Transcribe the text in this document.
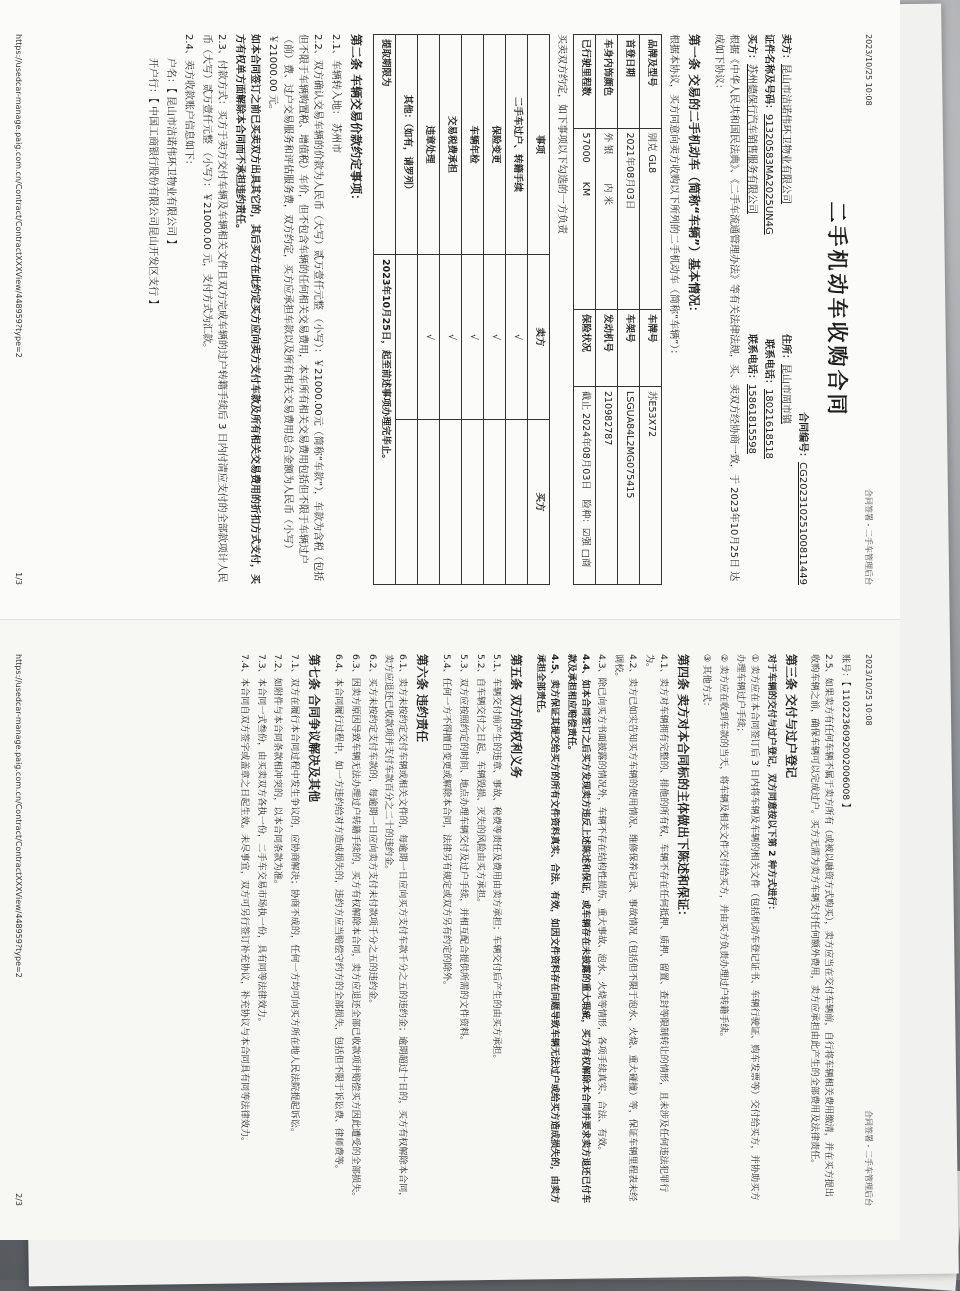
2023/10/25 10:08
合同签署 - 二手车管理后台
二手机动车收购合同
合同编号：
CG20231025100811449
卖方：
昆山市洁诺伟环卫物业有限公司
住所：
昆山市周市镇
证件名称及号码：
913205​83MA2025UN4G
联系电话：
18021618518
买方：
苏州德保行汽车销售服务有限公司
联系电话：
15861815598
根据《中华人民共和国民法典》、《二手车流通管理办法》等有关法律法规，买、卖双方经协商一致，于 2023年10月25日 达成如下协议：
第一条 交易的二手机动车（简称“车辆”）基本情况：
根据本协议，买方同意向卖方收购以下所列的二手机动车（简称“车辆”）：
品牌及型号	别克 GL8	车牌号	苏E53X72
首登日期	2021年08月03日	车架号	LSGUA84L2MG075415
车身内饰颜色	外 银　　　内 米	发动机号	210982787
已行驶里程数	57000　　KM	保险状况	截止 2024年08月03日　险种：☑强 □商
买卖双方约定，如下事项以下勾选的一方负责
事项	卖方	买方
二手车过户、转籍手续	√	
保险变更	√	
车辆年检	√	
交易税费承担	√	
违章处理	√	
其他：（如有，请罗列）		
提取期限为	2023年10月25日，起至前述事项办理完毕止。	
第二条 车辆交易价款约定事项：
2.1、车辆转入地： 苏州市
2.2、双方确认交易车辆的价款为人民币（大写）贰万壹仟元整 （小写）：￥21000.00元（简称“车款”），车款为含税（包括但不限于车辆购置税、增值税）车价，但不包含车辆的任何相关交易费用，本车所有相关交易费用包括但不限于车辆过户（前）费、过户交易服务和评估服务费，双方约定，买方应承担车款以及所有相关交易费用总合金额为人民币（小写）￥21000.00 元。
如本合同签订之前已买卖双方出具其它的，其后买方在此约定买方应向卖方支付车款及所有相关交易费用的折扣方式支付，买方有权单方面解除本合同而不承担违约责任。
2.3、付款方式：买方于卖方交付车辆及车辆相关文件且双方完成车辆的过户转籍手续后 3 日内付清应支付的全部款项计人民币（大写）贰万壹仟元整 （小写）：￥21000.00 元，支付方式为汇款。
2.4、卖方收款账户信息如下：
户名：【 昆山市洁诺伟环卫物业有限公司 】
开户行：【 中国工商银行股份有限公司昆山开发区支行 】
https://usedcar-manage.paig.com.cn/Contract/ContractXXXView/44895​9?type=2
1/3
2023/10/25 10:08
合同签署 - 二手车管理后台
账号：【 1102236092002006008 】
2.5、如果卖方有任何车辆不属于卖方所有（或被以融资方式购买），卖方应当在交付车辆前，自行将车辆相关费用缴清，并在买方提出收购车辆之前，确保车辆可以完成过户。买方无需为卖方车辆支付任何额外费用，卖方应承担由此产生的全部费用及法律责任。
第三条 交付与过户登记
对于车辆的交付与过户登记，双方同意按以下第 2 种方式进行：
① 卖方应在本合同签订后 3 日内将车辆及车辆的相关文件（包括机动车登记证书、车辆行驶证、购车发票等）交付给买方，并协助买方办理车辆过户手续；
② 卖方应在收到车款的当天，将车辆及相关文件交付给买方，并由买方负责办理过户转籍手续。
③ 其他方式：
第四条 卖方对本合同标的主体做出下陈述和保证：
4.1、卖方对车辆拥有完整的、排他的所有权，车辆不存在任何抵押、质押、留置、查封等限制转让的情形，且未涉及任何违法犯罪行为。
4.2、卖方已如实告知买方车辆的使用情况、维修保养记录、事故情况（包括但不限于泡水、火烧、重大碰撞）等，保证车辆里程表未经调校。
4.3、除已向买方书面披露的情况外，车辆不存在结构性损伤、重大事故、泡水、火烧等情形，各项手续真实、合法、有效。
4.4、如本合同签订之后买方发现卖方违反上述陈述和保证，或车辆存在未披露的重大瑕疵，买方有权解除本合同并要求卖方退还已付车款及承担相应赔偿责任。
4.5、卖方保证其提交给买方的所有文件资料真实、合法、有效，如因文件资料存在问题导致车辆无法过户或给买方造成损失的，由卖方承担全部责任。
第五条 双方的权利义务
5.1、车辆交付前产生的违章、事故、税费等责任及费用由卖方承担；车辆交付后产生的由买方承担。
5.2、自车辆交付之日起，车辆毁损、灭失的风险由买方承担。
5.3、双方应按照约定的时间、地点办理车辆交付及过户手续，并相互配合提供所需的文件资料。
5.4、任何一方不得擅自变更或解除本合同，法律另有规定或双方另有约定的除外。
第六条 违约责任
6.1、卖方未按约定交付车辆或相关文件的，每逾期一日应向买方支付车款千分之五的违约金；逾期超过十日的，买方有权解除本合同，卖方应退还已收款项并支付车款百分之二十的违约金。
6.2、买方未按约定支付车款的，每逾期一日应向卖方支付未付款项千分之五的违约金。
6.3、因卖方原因导致车辆无法办理过户转籍手续的，买方有权解除本合同，卖方应退还全部已收款项并赔偿买方因此遭受的全部损失。
6.4、本合同履行过程中，如一方违约给对方造成损失的，违约方应当赔偿守约方的全部损失，包括但不限于诉讼费、律师费等。
第七条 合同争议解决及其他
7.1、双方在履行本合同过程中发生争议的，应协商解决；协商不成的，任何一方均可向买方所在地人民法院提起诉讼。
7.2、如附件与本合同条款相冲突的，以本合同条款为准。
7.3、本合同一式叁份，由买卖双方各执一份，二手车交易市场执一份，具有同等法律效力。
7.4、本合同自双方签字或盖章之日起生效。未尽事宜，双方可另行签订补充协议，补充协议与本合同具有同等法律效力。
https://usedcar-manage.paig.com.cn/Contract/ContractXXXView/44895​9?type=2
2/3
